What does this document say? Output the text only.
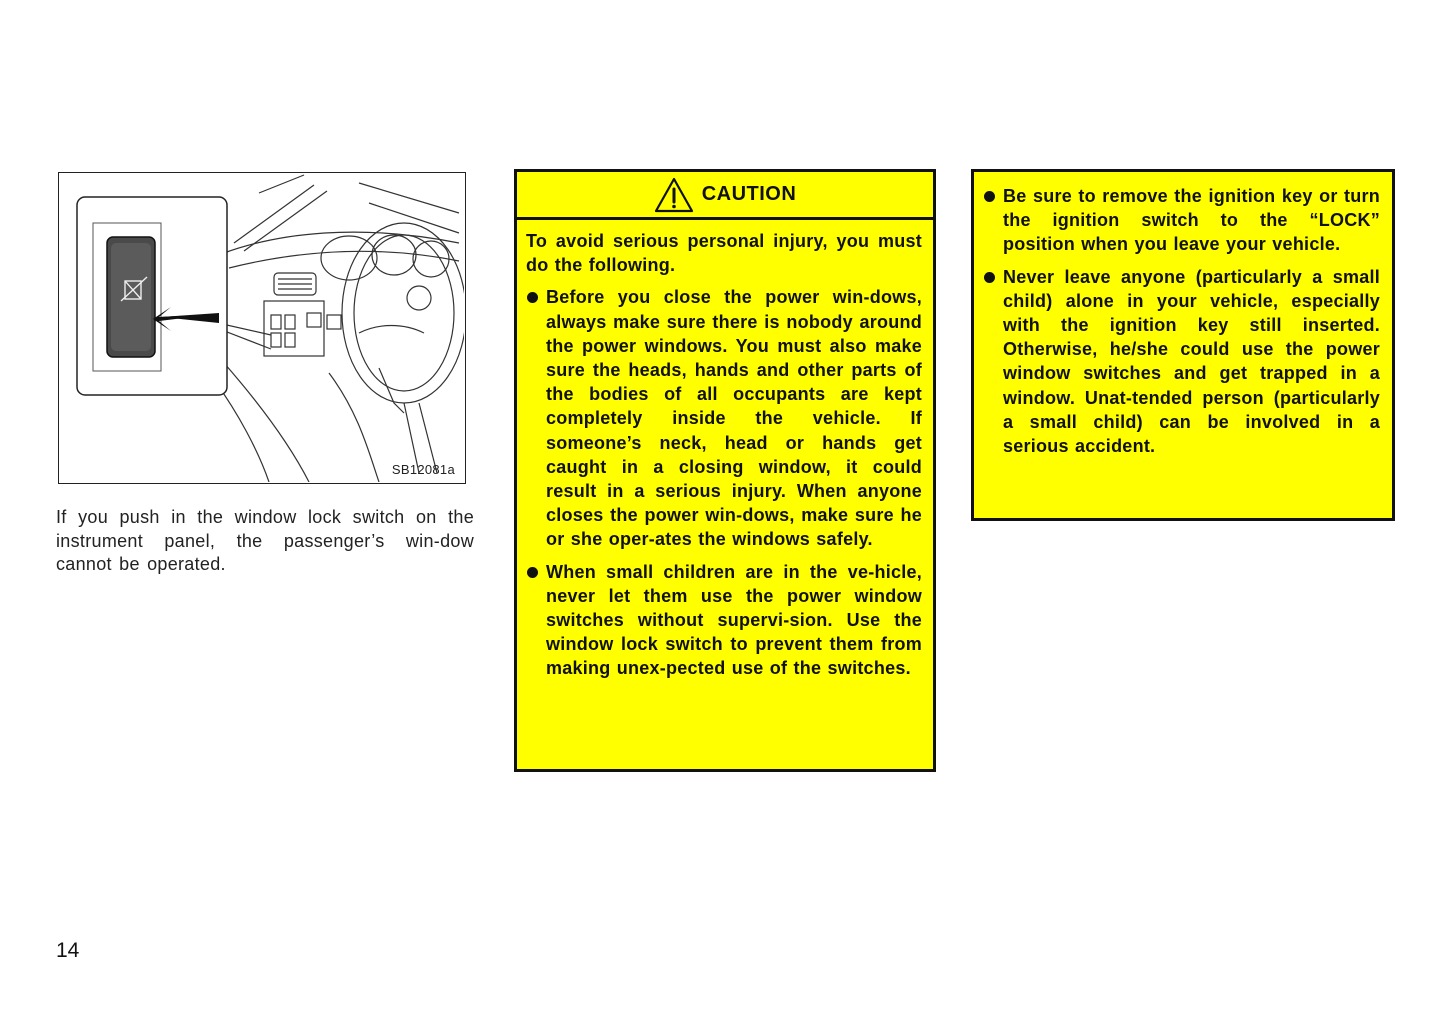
SB12081a

If you push in the window lock switch on the instrument panel, the passenger’s win-dow cannot be operated.

CAUTION

To avoid serious personal injury, you must do the following.

Before you close the power win-dows, always make sure there is nobody around the power windows. You must also make sure the heads, hands and other parts of the bodies of all occupants are kept completely inside the vehicle. If someone’s neck, head or hands get caught in a closing window, it could result in a serious injury. When anyone closes the power win-dows, make sure he or she oper-ates the windows safely.
When small children are in the ve-hicle, never let them use the power window switches without supervi-sion. Use the window lock switch to prevent them from making unex-pected use of the switches.
Be sure to remove the ignition key or turn the ignition switch to the “LOCK” position when you leave your vehicle.
Never leave anyone (particularly a small child) alone in your vehicle, especially with the ignition key still inserted. Otherwise, he/she could use the power window switches and get trapped in a window. Unat-tended person (particularly a small child) can be involved in a serious accident.
14
